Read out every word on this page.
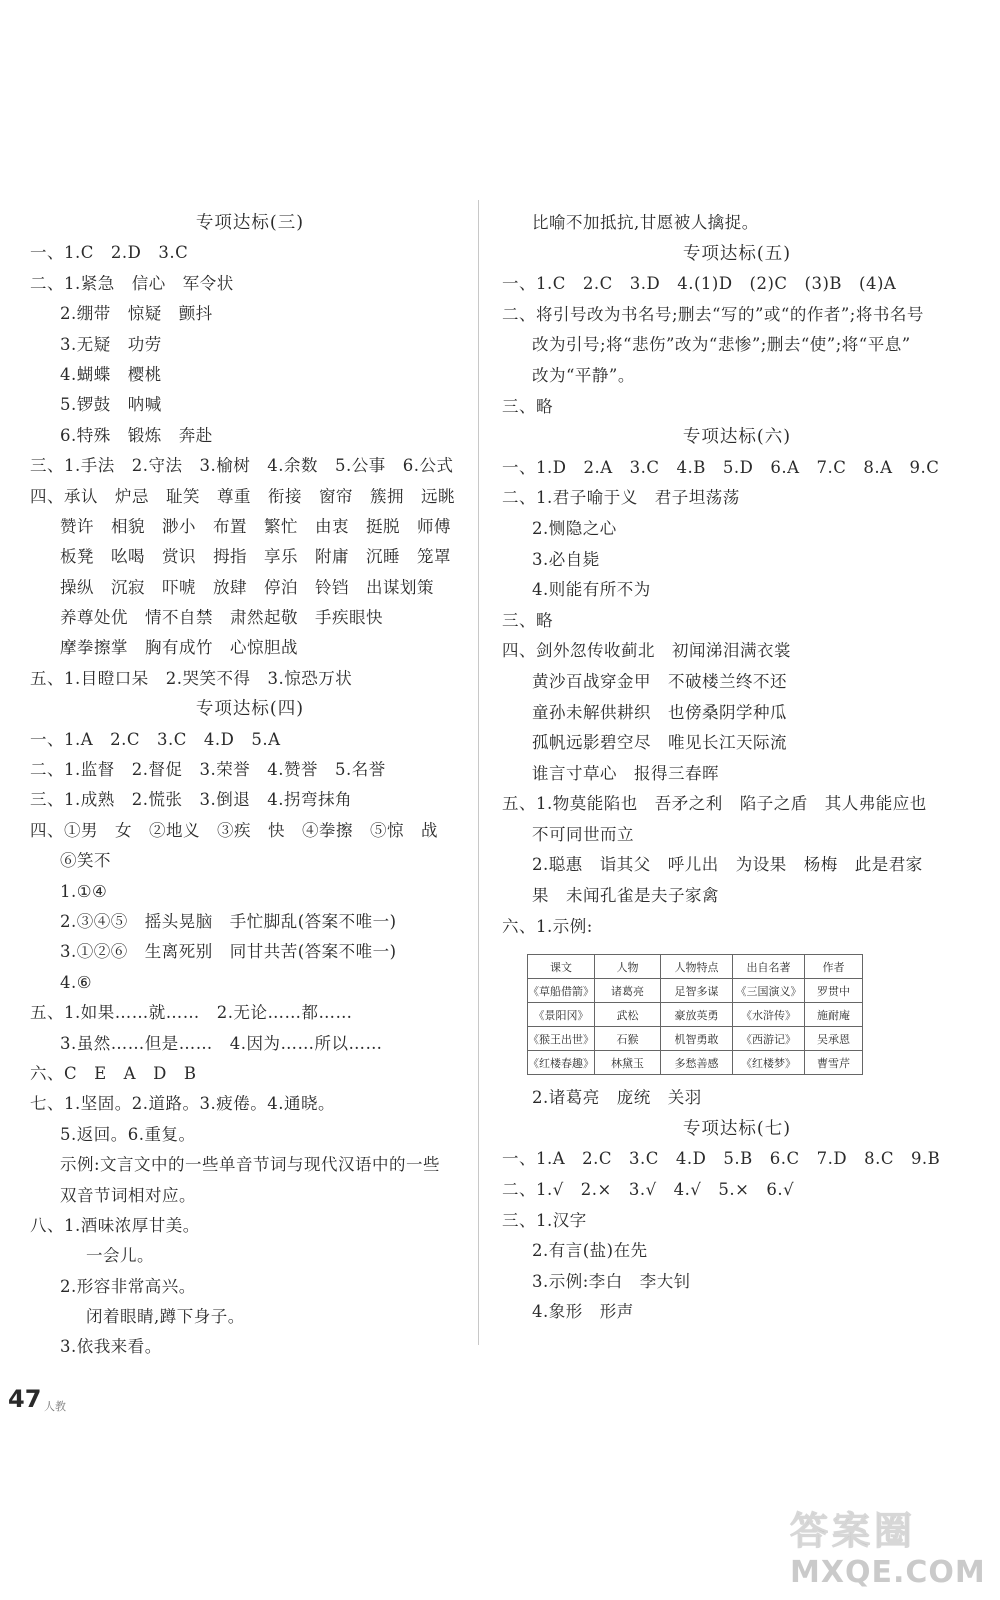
专项达标(三)
一、1.C　2.D　3.C
二、1.紧急　信心　军令状
2.绷带　惊疑　颤抖
3.无疑　功劳
4.蝴蝶　樱桃
5.锣鼓　呐喊
6.特殊　锻炼　奔赴
三、1.手法　2.守法　3.榆树　4.余数　5.公事　6.公式
四、承认　炉忌　耻笑　尊重　衔接　窗帘　簇拥　远眺
赞许　相貌　渺小　布置　繁忙　由衷　挺脱　师傅
板凳　吆喝　赏识　拇指　享乐　附庸　沉睡　笼罩
操纵　沉寂　吓唬　放肆　停泊　铃铛　出谋划策
养尊处优　情不自禁　肃然起敬　手疾眼快
摩拳擦掌　胸有成竹　心惊胆战
五、1.目瞪口呆　2.哭笑不得　3.惊恐万状
专项达标(四)
一、1.A　2.C　3.C　4.D　5.A
二、1.监督　2.督促　3.荣誉　4.赞誉　5.名誉
三、1.成熟　2.慌张　3.倒退　4.拐弯抹角
四、①男　女　②地义　③疾　快　④拳擦　⑤惊　战
⑥笑不
1.①④
2.③④⑤　摇头晃脑　手忙脚乱(答案不唯一)
3.①②⑥　生离死别　同甘共苦(答案不唯一)
4.⑥
五、1.如果……就……　2.无论……都……
3.虽然……但是……　4.因为……所以……
六、C　E　A　D　B
七、1.坚固。2.道路。3.疲倦。4.通晓。
5.返回。6.重复。
示例:文言文中的一些单音节词与现代汉语中的一些
双音节词相对应。
八、1.酒味浓厚甘美。
一会儿。
2.形容非常高兴。
闭着眼睛,蹲下身子。
3.依我来看。
比喻不加抵抗,甘愿被人擒捉。
专项达标(五)
一、1.C　2.C　3.D　4.(1)D　(2)C　(3)B　(4)A
二、将引号改为书名号;删去“写的”或“的作者”;将书名号
改为引号;将“悲伤”改为“悲惨”;删去“使”;将“平息”
改为“平静”。
三、略
专项达标(六)
一、1.D　2.A　3.C　4.B　5.D　6.A　7.C　8.A　9.C
二、1.君子喻于义　君子坦荡荡
2.恻隐之心
3.必自毙
4.则能有所不为
三、略
四、剑外忽传收蓟北　初闻涕泪满衣裳
黄沙百战穿金甲　不破楼兰终不还
童孙未解供耕织　也傍桑阴学种瓜
孤帆远影碧空尽　唯见长江天际流
谁言寸草心　报得三春晖
五、1.物莫能陷也　吾矛之利　陷子之盾　其人弗能应也
不可同世而立
2.聪惠　诣其父　呼儿出　为设果　杨梅　此是君家
果　未闻孔雀是夫子家禽
六、1.示例:
课文	人物	人物特点	出自名著	作者
《草船借箭》	诸葛亮	足智多谋	《三国演义》	罗贯中
《景阳冈》	武松	豪放英勇	《水浒传》	施耐庵
《猴王出世》	石猴	机智勇敢	《西游记》	吴承恩
《红楼春趣》	林黛玉	多愁善感	《红楼梦》	曹雪芹
2.诸葛亮　庞统　关羽
专项达标(七)
一、1.A　2.C　3.C　4.D　5.B　6.C　7.D　8.C　9.B
二、1.√　2.×　3.√　4.√　5.×　6.√
三、1.汉字
2.有言(盐)在先
3.示例:李白　李大钊
4.象形　形声
47 人教
答案圈
MXQE.COM
